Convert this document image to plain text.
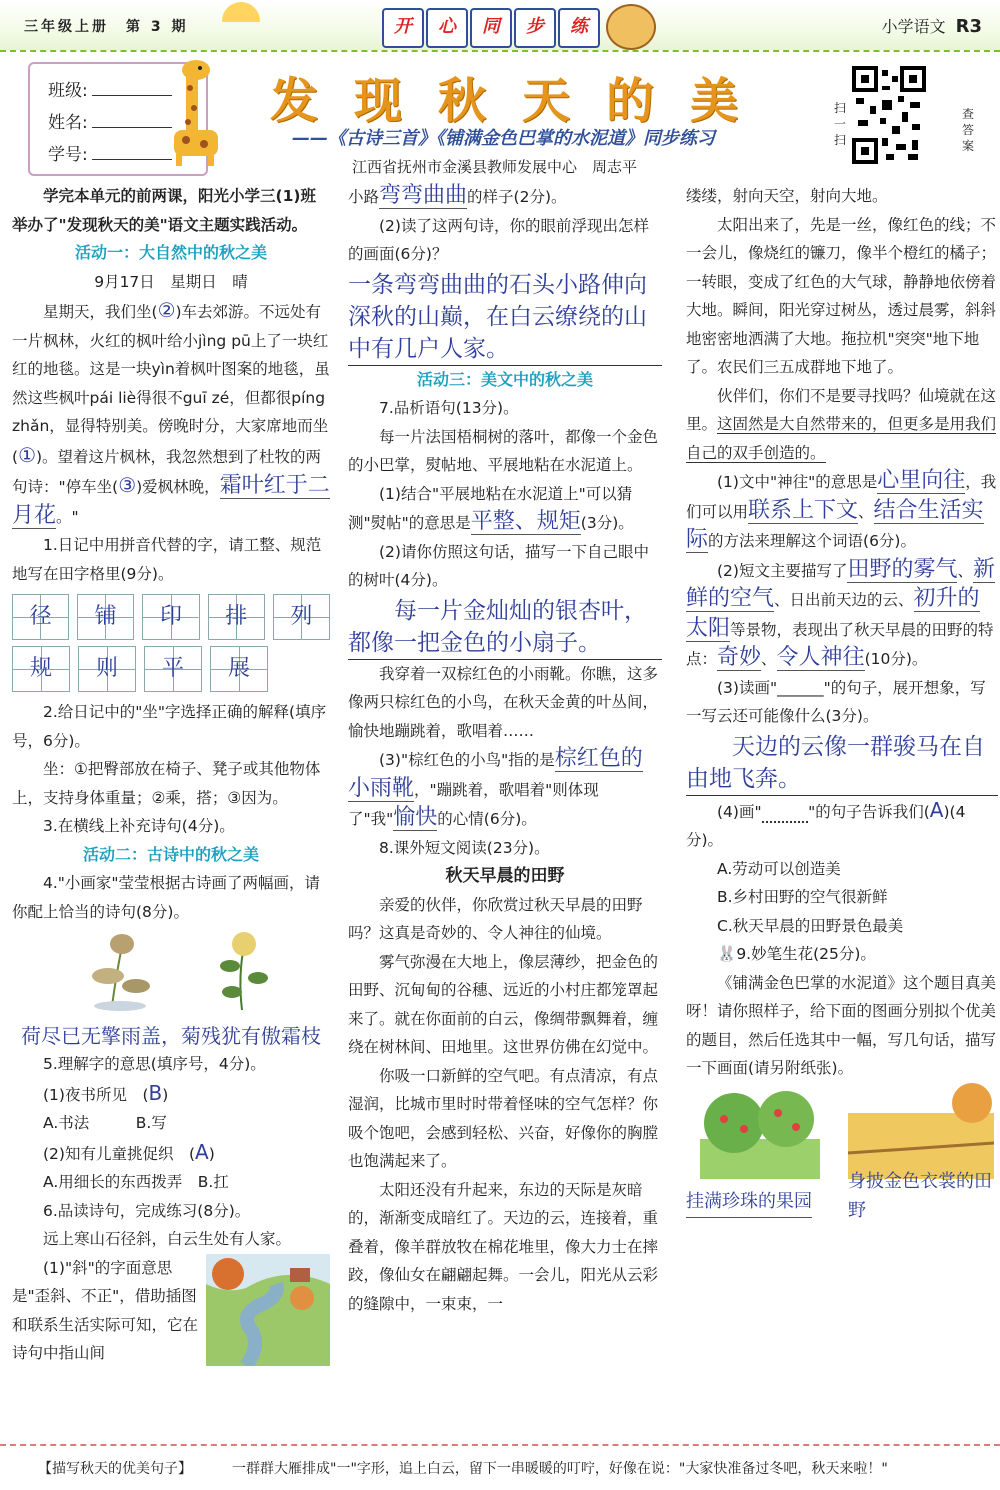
三年级上册　 第 3 期	开	心	同	步	练	小学语文 R3
班级:
姓名:
学号:
发现秋天的美
——《古诗三首》《铺满金色巴掌的水泥道》同步练习
江西省抚州市金溪县教师发展中心　周志平
扫一扫
查答案
学完本单元的前两课，阳光小学三(1)班举办了"发现秋天的美"语文主题实践活动。
活动一：大自然中的秋之美
9月17日　星期日　晴
星期天，我们坐(②)车去郊游。不远处有一片枫林，火红的枫叶给小jìng pū上了一块红红的地毯。这是一块yìn着枫叶图案的地毯，虽然这些枫叶pái liè得很不guī zé，但都很píng zhǎn，显得特别美。傍晚时分，大家席地而坐(①)。望着这片枫林，我忽然想到了杜牧的两句诗："停车坐(③)爱枫林晚，霜叶红于二月花。"
1.日记中用拼音代替的字，请工整、规范地写在田字格里(9分)。
径	铺	印	排	列
规	则	平	展
2.给日记中的"坐"字选择正确的解释(填序号，6分)。
坐：①把臀部放在椅子、凳子或其他物体上，支持身体重量；②乘，搭；③因为。
3.在横线上补充诗句(4分)。
活动二：古诗中的秋之美
4."小画家"莹莹根据古诗画了两幅画，请你配上恰当的诗句(8分)。
荷尽已无擎雨盖，菊残犹有傲霜枝
5.理解字的意思(填序号，4分)。
(1)夜书所见　(B)
A.书法　　　B.写
(2)知有儿童挑促织　(A)
A.用细长的东西拨弄　B.扛
6.品读诗句，完成练习(8分)。
远上寒山石径斜，白云生处有人家。
(1)"斜"的字面意思是"歪斜、不正"，借助插图和联系生活实际可知，它在诗句中指山间
小路弯弯曲曲的样子(2分)。
(2)读了这两句诗，你的眼前浮现出怎样的画面(6分)？
一条弯弯曲曲的石头小路伸向深秋的山巅，在白云缭绕的山中有几户人家。
活动三：美文中的秋之美
7.品析语句(13分)。
每一片法国梧桐树的落叶，都像一个金色的小巴掌，熨帖地、平展地粘在水泥道上。
(1)结合"平展地粘在水泥道上"可以猜测"熨帖"的意思是平整、规矩(3分)。
(2)请你仿照这句话，描写一下自己眼中的树叶(4分)。
每一片金灿灿的银杏叶，都像一把金色的小扇子。
我穿着一双棕红色的小雨靴。你瞧，这多像两只棕红色的小鸟，在秋天金黄的叶丛间，愉快地蹦跳着，歌唱着……
(3)"棕红色的小鸟"指的是棕红色的小雨靴，"蹦跳着，歌唱着"则体现了"我"愉快的心情(6分)。
8.课外短文阅读(23分)。
秋天早晨的田野
亲爱的伙伴，你欣赏过秋天早晨的田野吗？这真是奇妙的、令人神往的仙境。
雾气弥漫在大地上，像层薄纱，把金色的田野、沉甸甸的谷穗、远近的小村庄都笼罩起来了。就在你面前的白云，像绸带飘舞着，缠绕在树林间、田地里。这世界仿佛在幻觉中。
你吸一口新鲜的空气吧。有点清凉，有点湿润，比城市里时时带着怪味的空气怎样？你吸个饱吧，会感到轻松、兴奋，好像你的胸膛也饱满起来了。
太阳还没有升起来，东边的天际是灰暗的，渐渐变成暗红了。天边的云，连接着，重叠着，像羊群放牧在棉花堆里，像大力士在摔跤，像仙女在翩翩起舞。一会儿，阳光从云彩的缝隙中，一束束，一
缕缕，射向天空，射向大地。
太阳出来了，先是一丝，像红色的线；不一会儿，像烧红的镰刀，像半个橙红的橘子；一转眼，变成了红色的大气球，静静地依傍着大地。瞬间，阳光穿过树丛，透过晨雾，斜斜地密密地洒满了大地。拖拉机"突突"地下地了。农民们三五成群地下地了。
伙伴们，你们不是要寻找吗？仙境就在这里。这固然是大自然带来的，但更多是用我们自己的双手创造的。
(1)文中"神往"的意思是心里向往，我们可以用联系上下文、结合生活实际的方法来理解这个词语(6分)。
(2)短文主要描写了田野的雾气、新鲜的空气、日出前天边的云、初升的太阳等景物，表现出了秋天早晨的田野的特点：奇妙、令人神往(10分)。
(3)读画"______"的句子，展开想象，写一写云还可能像什么(3分)。
天边的云像一群骏马在自由地飞奔。
(4)画"　　　	"的句子告诉我们(A)(4分)。
A.劳动可以创造美
B.乡村田野的空气很新鲜
C.秋天早晨的田野景色最美
🐰9.妙笔生花(25分)。
《铺满金色巴掌的水泥道》这个题目真美呀！请你照样子，给下面的图画分别拟个优美的题目，然后任选其中一幅，写几句话，描写一下画面(请另附纸张)。
挂满珍珠的果园
身披金色衣裳的田野
【描写秋天的优美句子】	一群群大雁排成"一"字形，追上白云，留下一串暖暖的叮咛，好像在说："大家快准备过冬吧，秋天来啦！"
